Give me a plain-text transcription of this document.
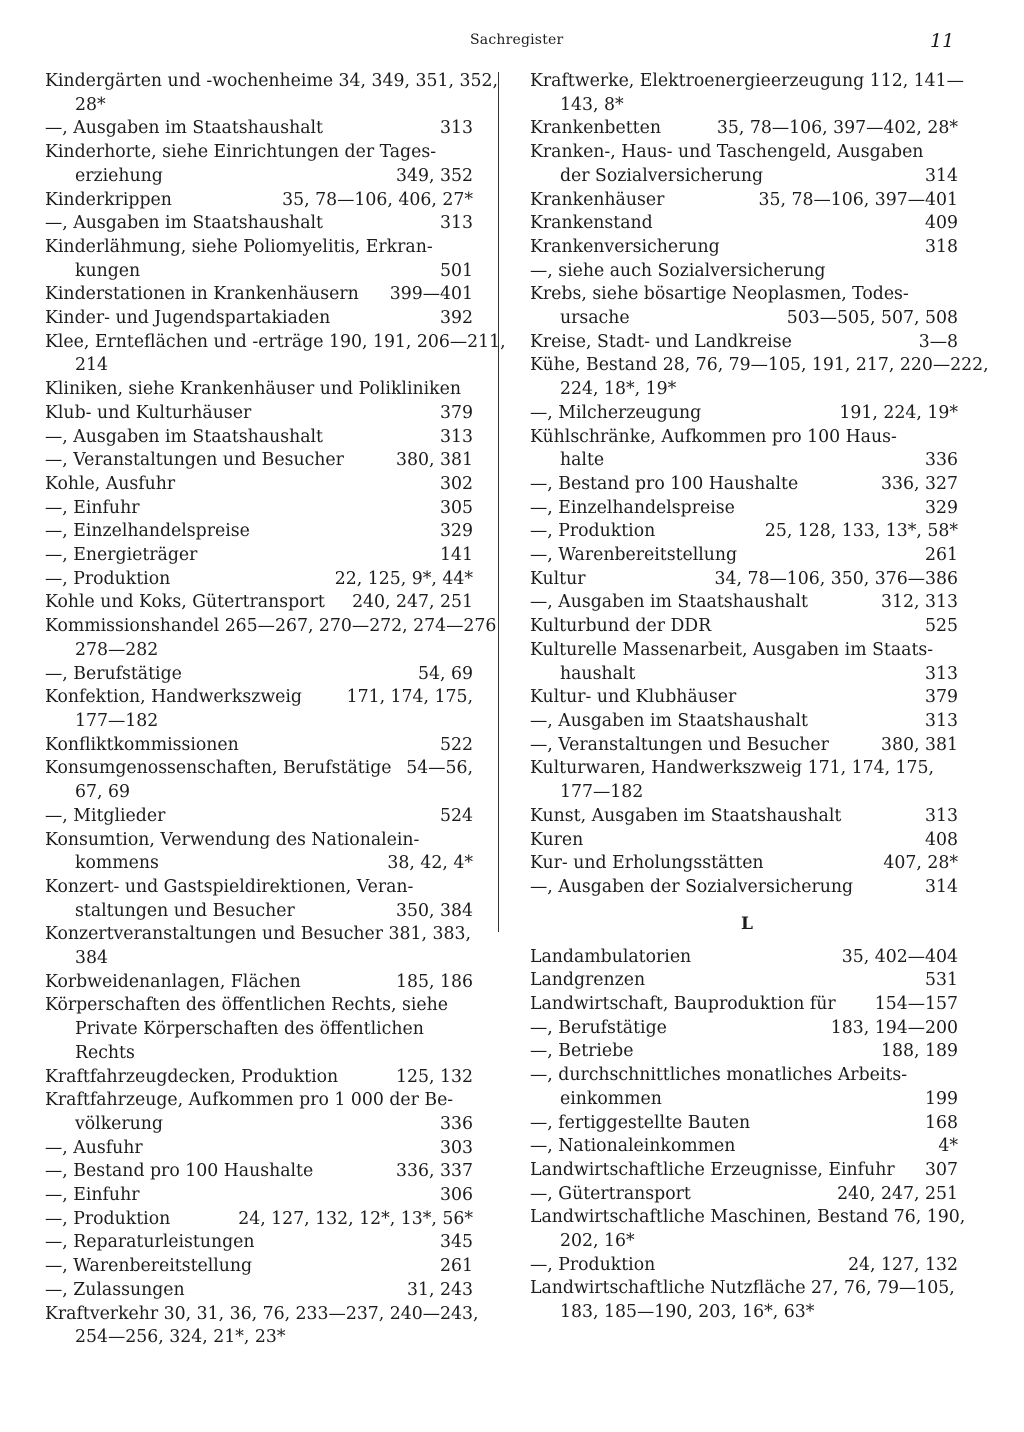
Sachregister	11
Kindergärten und -wochenheime 34, 349, 351, 352,
28*
—, Ausgaben im Staatshaushalt	313
Kinderhorte, siehe Einrichtungen der Tages-
erziehung	349, 352
Kinderkrippen	35, 78—106, 406, 27*
—, Ausgaben im Staatshaushalt	313
Kinderlähmung, siehe Poliomyelitis, Erkran-
kungen	501
Kinderstationen in Krankenhäusern	399—401
Kinder- und Jugendspartakiaden	392
Klee, Ernteflächen und -erträge 190, 191, 206—211,
214
Kliniken, siehe Krankenhäuser und Polikliniken
Klub- und Kulturhäuser	379
—, Ausgaben im Staatshaushalt	313
—, Veranstaltungen und Besucher	380, 381
Kohle, Ausfuhr	302
—, Einfuhr	305
—, Einzelhandelspreise	329
—, Energieträger	141
—, Produktion	22, 125, 9*, 44*
Kohle und Koks, Gütertransport	240, 247, 251
Kommissionshandel 265—267, 270—272, 274—276
278—282
—, Berufstätige	54, 69
Konfektion, Handwerkszweig	171, 174, 175,
177—182
Konfliktkommissionen	522
Konsumgenossenschaften, Berufstätige 54—56,
67, 69
—, Mitglieder	524
Konsumtion, Verwendung des Nationalein-
kommens	38, 42, 4*
Konzert- und Gastspieldirektionen, Veran-
staltungen und Besucher	350, 384
Konzertveranstaltungen und Besucher 381, 383,
384
Korbweidenanlagen, Flächen	185, 186
Körperschaften des öffentlichen Rechts, siehe
Private Körperschaften des öffentlichen
Rechts
Kraftfahrzeugdecken, Produktion	125, 132
Kraftfahrzeuge, Aufkommen pro 1 000 der Be-
völkerung	336
—, Ausfuhr	303
—, Bestand pro 100 Haushalte	336, 337
—, Einfuhr	306
—, Produktion	24, 127, 132, 12*, 13*, 56*
—, Reparaturleistungen	345
—, Warenbereitstellung	261
—, Zulassungen	31, 243
Kraftverkehr 30, 31, 36, 76, 233—237, 240—243,
254—256, 324, 21*, 23*
Kraftwerke, Elektroenergieerzeugung 112, 141—
143, 8*
Krankenbetten	35, 78—106, 397—402, 28*
Kranken-, Haus- und Taschengeld, Ausgaben
der Sozialversicherung	314
Krankenhäuser	35, 78—106, 397—401
Krankenstand	409
Krankenversicherung	318
—, siehe auch Sozialversicherung
Krebs, siehe bösartige Neoplasmen, Todes-
ursache	503—505, 507, 508
Kreise, Stadt- und Landkreise	3—8
Kühe, Bestand 28, 76, 79—105, 191, 217, 220—222,
224, 18*, 19*
—, Milcherzeugung	191, 224, 19*
Kühlschränke, Aufkommen pro 100 Haus-
halte	336
—, Bestand pro 100 Haushalte	336, 327
—, Einzelhandelspreise	329
—, Produktion	25, 128, 133, 13*, 58*
—, Warenbereitstellung	261
Kultur	34, 78—106, 350, 376—386
—, Ausgaben im Staatshaushalt	312, 313
Kulturbund der DDR	525
Kulturelle Massenarbeit, Ausgaben im Staats-
haushalt	313
Kultur- und Klubhäuser	379
—, Ausgaben im Staatshaushalt	313
—, Veranstaltungen und Besucher	380, 381
Kulturwaren, Handwerkszweig 171, 174, 175,
177—182
Kunst, Ausgaben im Staatshaushalt	313
Kuren	408
Kur- und Erholungsstätten	407, 28*
—, Ausgaben der Sozialversicherung	314
L
Landambulatorien	35, 402—404
Landgrenzen	531
Landwirtschaft, Bauproduktion für	154—157
—, Berufstätige	183, 194—200
—, Betriebe	188, 189
—, durchschnittliches monatliches Arbeits-
einkommen	199
—, fertiggestellte Bauten	168
—, Nationaleinkommen	4*
Landwirtschaftliche Erzeugnisse, Einfuhr	307
—, Gütertransport	240, 247, 251
Landwirtschaftliche Maschinen, Bestand 76, 190,
202, 16*
—, Produktion	24, 127, 132
Landwirtschaftliche Nutzfläche 27, 76, 79—105,
183, 185—190, 203, 16*, 63*
